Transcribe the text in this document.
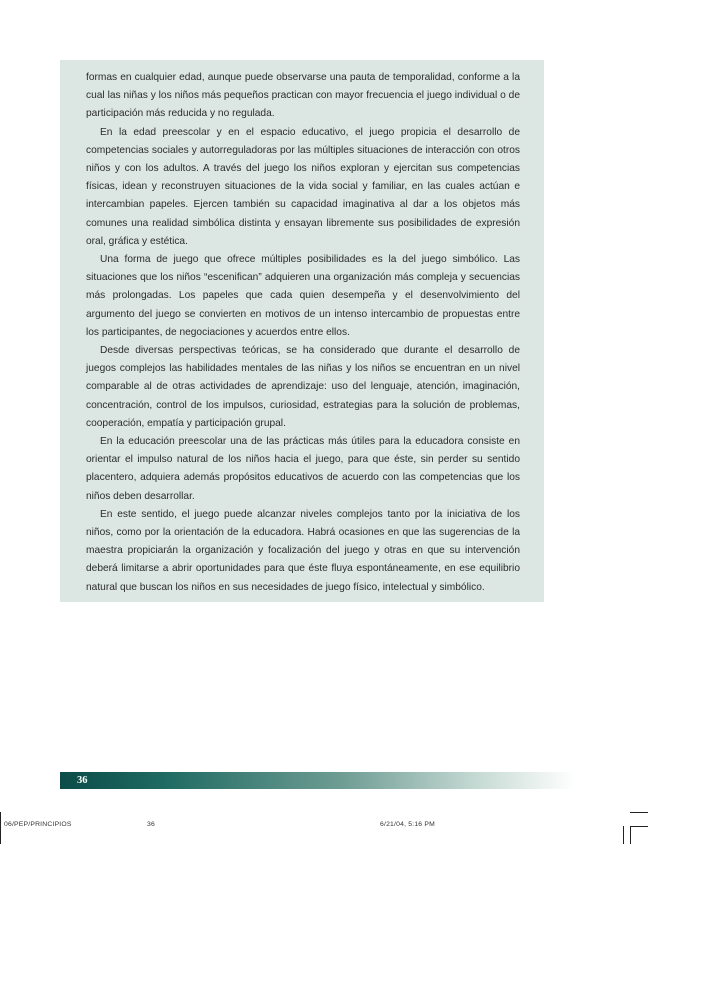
formas en cualquier edad, aunque puede observarse una pauta de temporalidad, conforme a la cual las niñas y los niños más pequeños practican con mayor frecuencia el juego individual o de participación más reducida y no regulada.

En la edad preescolar y en el espacio educativo, el juego propicia el desarrollo de competencias sociales y autorreguladoras por las múltiples situaciones de interacción con otros niños y con los adultos. A través del juego los niños exploran y ejercitan sus competencias físicas, idean y reconstruyen situaciones de la vida social y familiar, en las cuales actúan e intercambian papeles. Ejercen también su capacidad imaginativa al dar a los objetos más comunes una realidad simbólica distinta y ensayan libremente sus posibilidades de expresión oral, gráfica y estética.

Una forma de juego que ofrece múltiples posibilidades es la del juego simbólico. Las situaciones que los niños “escenifican” adquieren una organización más compleja y secuencias más prolongadas. Los papeles que cada quien desempeña y el desenvolvimiento del argumento del juego se convierten en motivos de un intenso intercambio de propuestas entre los participantes, de negociaciones y acuerdos entre ellos.

Desde diversas perspectivas teóricas, se ha considerado que durante el desarrollo de juegos complejos las habilidades mentales de las niñas y los niños se encuentran en un nivel comparable al de otras actividades de aprendizaje: uso del lenguaje, atención, imaginación, concentración, control de los impulsos, curiosidad, estrategias para la solución de problemas, cooperación, empatía y participación grupal.

En la educación preescolar una de las prácticas más útiles para la educadora consiste en orientar el impulso natural de los niños hacia el juego, para que éste, sin perder su sentido placentero, adquiera además propósitos educativos de acuerdo con las competencias que los niños deben desarrollar.

En este sentido, el juego puede alcanzar niveles complejos tanto por la iniciativa de los niños, como por la orientación de la educadora. Habrá ocasiones en que las sugerencias de la maestra propiciarán la organización y focalización del juego y otras en que su intervención deberá limitarse a abrir oportunidades para que éste fluya espontáneamente, en ese equilibrio natural que buscan los niños en sus necesidades de juego físico, intelectual y simbólico.

36
06/PEP/PRINCIPIOS	36	6/21/04, 5:16 PM
